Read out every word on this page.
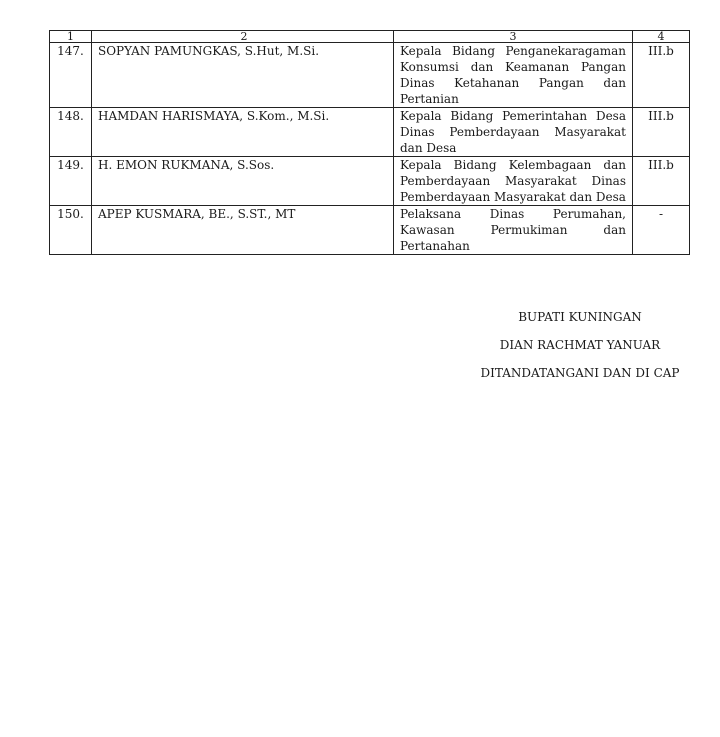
1	2	3	4
147.	SOPYAN PAMUNGKAS, S.Hut, M.Si.	Kepala Bidang Penganekaragaman Konsumsi dan Keamanan Pangan Dinas Ketahanan Pangan dan Pertanian	III.b
148.	HAMDAN HARISMAYA, S.Kom., M.Si.	Kepala Bidang Pemerintahan Desa Dinas Pemberdayaan Masyarakat dan Desa	III.b
149.	H. EMON RUKMANA, S.Sos.	Kepala Bidang Kelembagaan dan Pemberdayaan Masyarakat Dinas Pemberdayaan Masyarakat dan Desa	III.b
150.	APEP KUSMARA, BE., S.ST., MT	Pelaksana Dinas Perumahan, Kawasan Permukiman dan Pertanahan	-
BUPATI KUNINGAN
DIAN RACHMAT YANUAR
DITANDATANGANI DAN DI CAP
